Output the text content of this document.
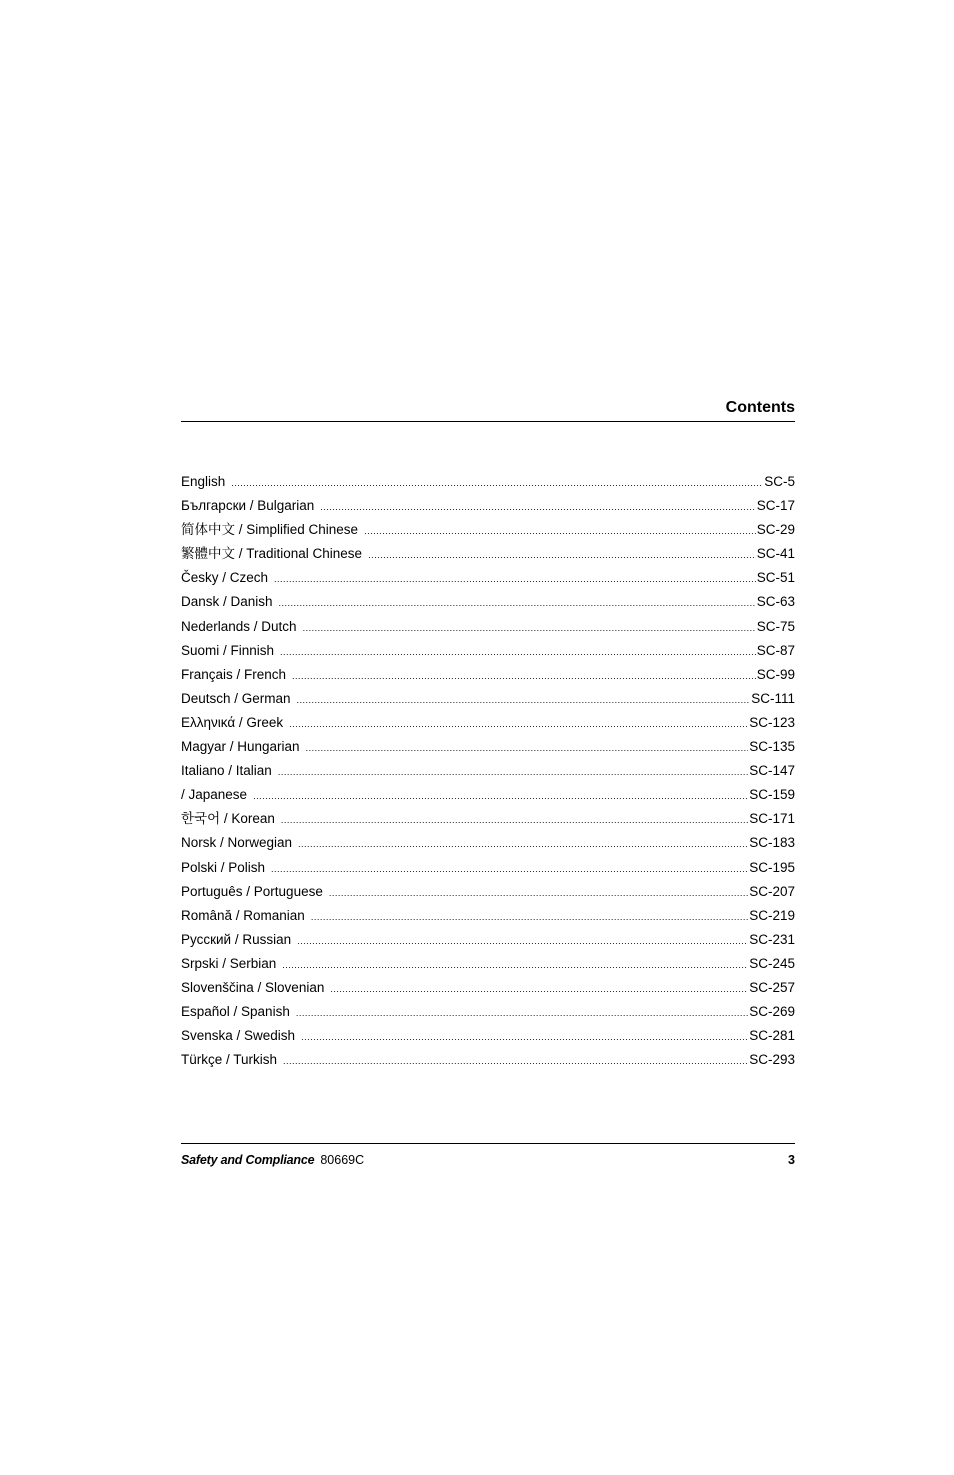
Contents
English .....	SC-5
Български / Bulgarian .....	SC-17
简体中文 / Simplified Chinese .....	SC-29
繁體中文 / Traditional Chinese .....	SC-41
Česky / Czech .....	SC-51
Dansk / Danish .....	SC-63
Nederlands / Dutch .....	SC-75
Suomi / Finnish .....	SC-87
Français / French .....	SC-99
Deutsch / German .....	SC-111
Ελληνικά / Greek .....	SC-123
Magyar / Hungarian .....	SC-135
Italiano / Italian .....	SC-147
/ Japanese .....	SC-159
한국어 / Korean .....	SC-171
Norsk / Norwegian .....	SC-183
Polski / Polish .....	SC-195
Português / Portuguese .....	SC-207
Română / Romanian .....	SC-219
Русский / Russian .....	SC-231
Srpski / Serbian .....	SC-245
Slovenščina / Slovenian .....	SC-257
Español / Spanish .....	SC-269
Svenska / Swedish .....	SC-281
Türkçe / Turkish .....	SC-293
Safety and Compliance 80669C	3
